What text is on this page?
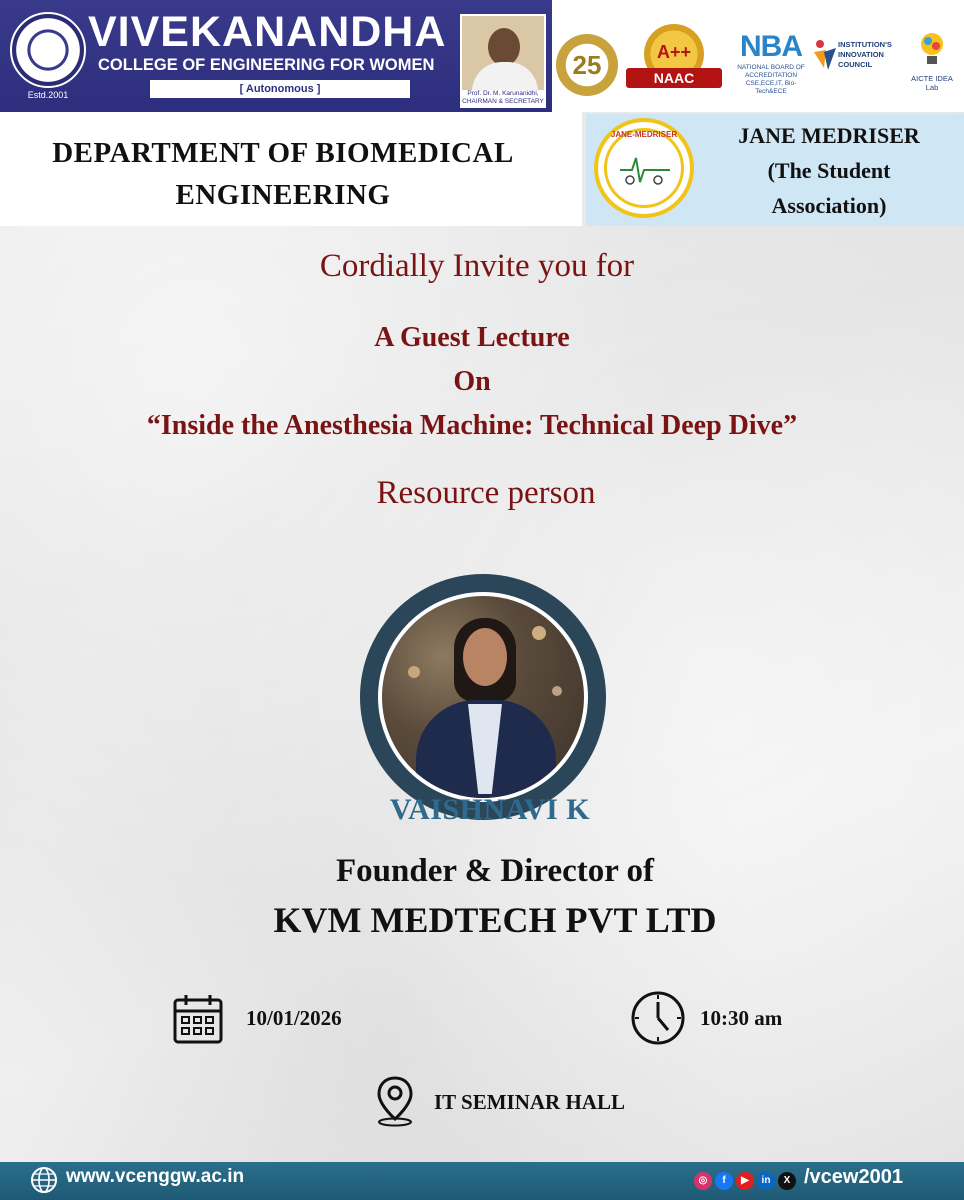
Estd.2001
VIVEKANANDHA
COLLEGE OF ENGINEERING FOR WOMEN
[ Autonomous ]	Prof. Dr. M. Karunanidhi,
CHAIRMAN & SECRETARY
25	A++
NAAC
NBA
NATIONAL BOARD OF ACCREDITATION
CSE,ECE,IT, Bio-Tech&ECE
INSTITUTION'S INNOVATION COUNCIL
AICTE IDEA Lab
DEPARTMENT OF BIOMEDICAL ENGINEERING
JANE-MEDRISER	JANE MEDRISER
(The Student
Association)
Cordially Invite you for
A Guest Lecture
On
“Inside the Anesthesia Machine: Technical Deep Dive”
Resource person
VAISHNAVI K
Founder & Director of
KVM MEDTECH PVT LTD
10/01/2026	10:30 am
IT SEMINAR HALL
www.vcenggw.ac.in	◎	f	▶	in	X /vcew2001
